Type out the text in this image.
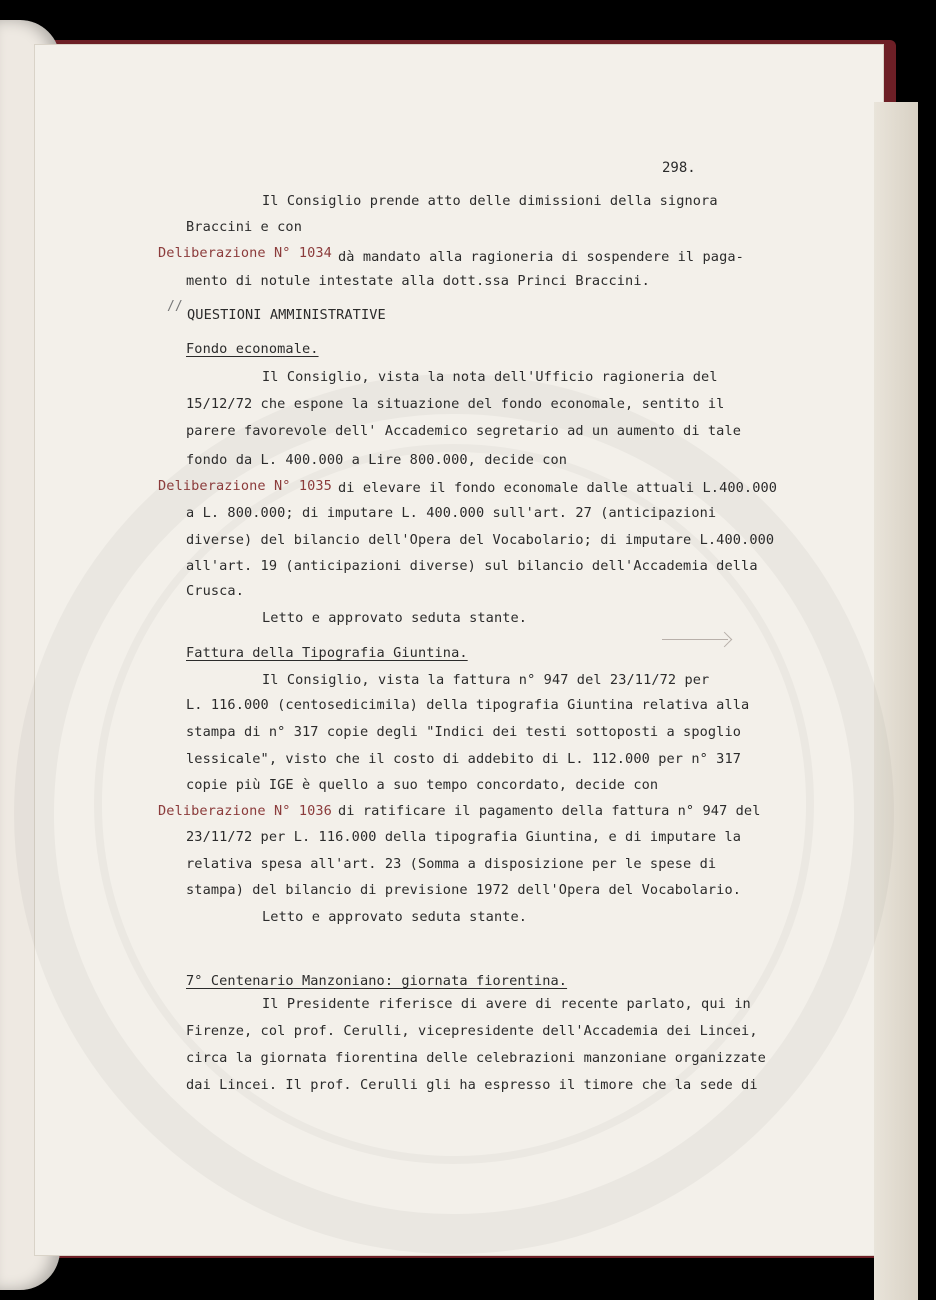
298.
//
Il Consiglio prende atto delle dimissioni della signora
Braccini e con
Deliberazione N° 1034 dà mandato alla ragioneria di sospendere il paga-
mento di notule intestate alla dott.ssa Princi Braccini.
QUESTIONI AMMINISTRATIVE
Fondo economale.
Il Consiglio, vista la nota dell'Ufficio ragioneria del
15/12/72 che espone la situazione del fondo economale, sentito il
parere favorevole dell' Accademico segretario ad un aumento di tale
fondo da L. 400.000 a Lire 800.000, decide con
Deliberazione N° 1035 di elevare il fondo economale dalle attuali L.400.000
a L. 800.000; di imputare L. 400.000 sull'art. 27 (anticipazioni
diverse) del bilancio dell'Opera del Vocabolario; di imputare L.400.000
all'art. 19 (anticipazioni diverse) sul bilancio dell'Accademia della
Crusca.
Letto e approvato seduta stante.
Fattura della Tipografia Giuntina.
Il Consiglio, vista la fattura n° 947 del 23/11/72 per
L. 116.000 (centosedicimila) della tipografia Giuntina relativa alla
stampa di n° 317 copie degli "Indici dei testi sottoposti a spoglio
lessicale", visto che il costo di addebito di L. 112.000 per n° 317
copie più IGE è quello a suo tempo concordato, decide con
Deliberazione N° 1036 di ratificare il pagamento della fattura n° 947 del
23/11/72 per L. 116.000 della tipografia Giuntina, e di imputare la
relativa spesa all'art. 23 (Somma a disposizione per le spese di
stampa) del bilancio di previsione 1972 dell'Opera del Vocabolario.
Letto e approvato seduta stante.
7° Centenario Manzoniano: giornata fiorentina.
Il Presidente riferisce di avere di recente parlato, qui in
Firenze, col prof. Cerulli, vicepresidente dell'Accademia dei Lincei,
circa la giornata fiorentina delle celebrazioni manzoniane organizzate
dai Lincei. Il prof. Cerulli gli ha espresso il timore che la sede di
